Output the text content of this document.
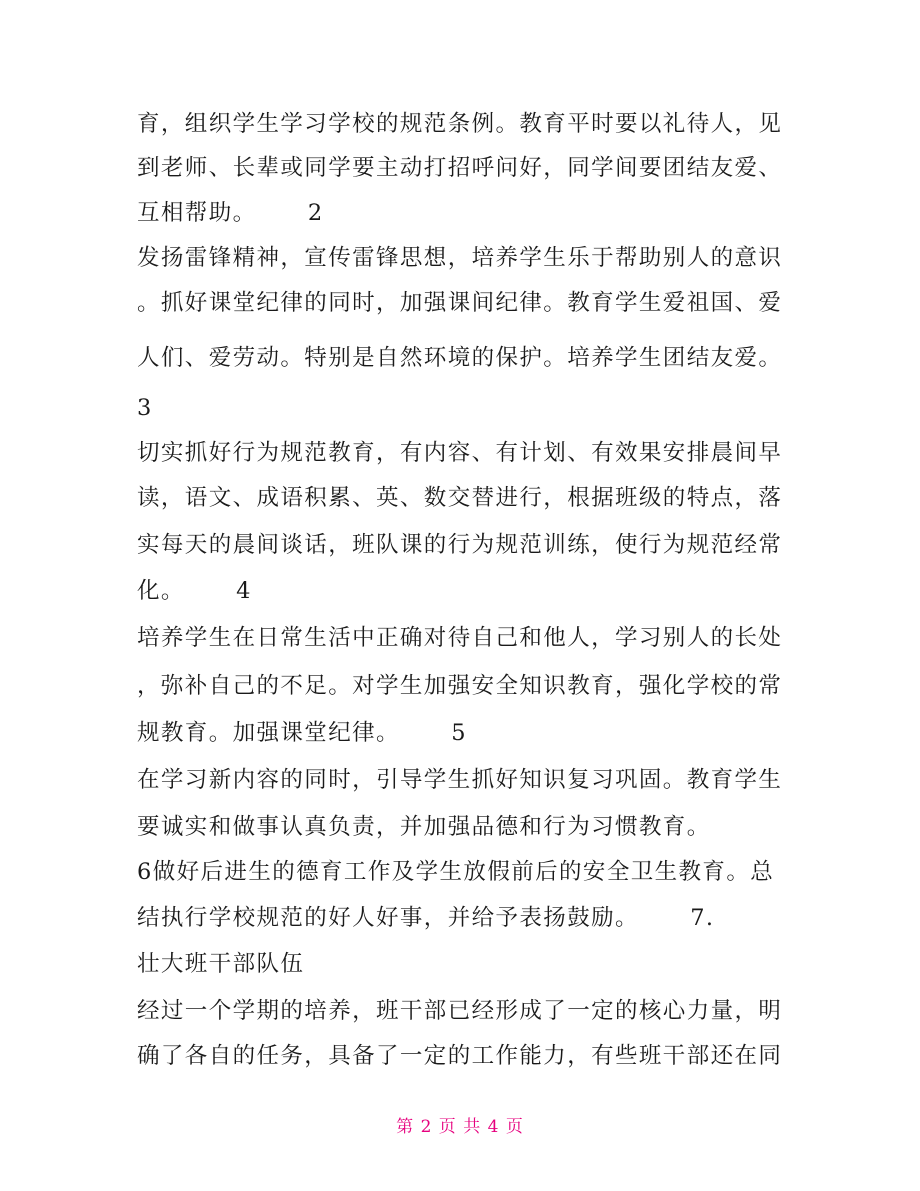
育，组织学生学习学校的规范条例。教育平时要以礼待人，见
到老师、长辈或同学要主动打招呼问好，同学间要团结友爱、
互相帮助。      2
发扬雷锋精神，宣传雷锋思想，培养学生乐于帮助别人的意识
。抓好课堂纪律的同时，加强课间纪律。教育学生爱祖国、爱
人们、爱劳动。特别是自然环境的保护。培养学生团结友爱。
3
切实抓好行为规范教育，有内容、有计划、有效果安排晨间早
读，语文、成语积累、英、数交替进行，根据班级的特点，落
实每天的晨间谈话，班队课的行为规范训练，使行为规范经常
化。      4
培养学生在日常生活中正确对待自己和他人，学习别人的长处
，弥补自己的不足。对学生加强安全知识教育，强化学校的常
规教育。加强课堂纪律。      5
在学习新内容的同时，引导学生抓好知识复习巩固。教育学生
要诚实和做事认真负责，并加强品德和行为习惯教育。
6做好后进生的德育工作及学生放假前后的安全卫生教育。总
结执行学校规范的好人好事，并给予表扬鼓励。      7.
壮大班干部队伍
经过一个学期的培养，班干部已经形成了一定的核心力量，明
确了各自的任务，具备了一定的工作能力，有些班干部还在同
第 2 页 共 4 页
